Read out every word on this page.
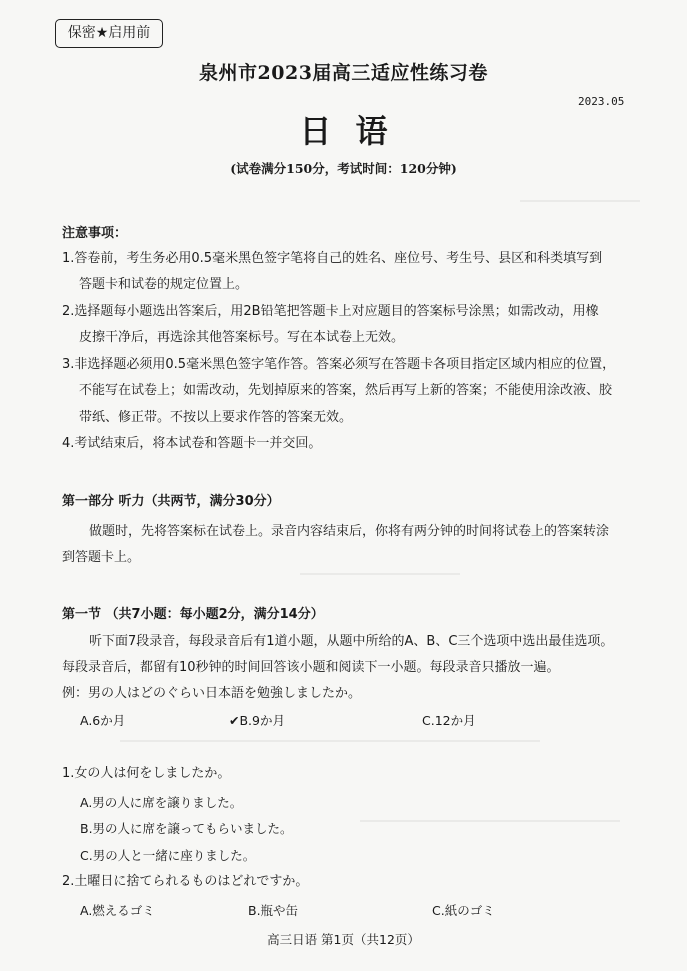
保密★启用前
泉州市2023届高三适应性练习卷
2023.05
日语
(试卷满分150分，考试时间：120分钟)
注意事项：
1.答卷前，考生务必用0.5毫米黑色签字笔将自己的姓名、座位号、考生号、县区和科类填写到
答题卡和试卷的规定位置上。
2.选择题每小题选出答案后，用2B铅笔把答题卡上对应题目的答案标号涂黑；如需改动，用橡
皮擦干净后，再选涂其他答案标号。写在本试卷上无效。
3.非选择题必须用0.5毫米黑色签字笔作答。答案必须写在答题卡各项目指定区域内相应的位置，
不能写在试卷上；如需改动，先划掉原来的答案，然后再写上新的答案；不能使用涂改液、胶
带纸、修正带。不按以上要求作答的答案无效。
4.考试结束后，将本试卷和答题卡一并交回。
第一部分 听力（共两节，满分30分）
做题时，先将答案标在试卷上。录音内容结束后，你将有两分钟的时间将试卷上的答案转涂
到答题卡上。
第一节 （共7小题：每小题2分，满分14分）
听下面7段录音，每段录音后有1道小题，从题中所给的A、B、C三个选项中选出最佳选项。
每段录音后，都留有10秒钟的时间回答该小题和阅读下一小题。每段录音只播放一遍。
例：男の人はどのぐらい日本語を勉強しましたか。
A.6か月	✔B.9か月	C.12か月
1.女の人は何をしましたか。
A.男の人に席を譲りました。
B.男の人に席を譲ってもらいました。
C.男の人と一緒に座りました。
2.土曜日に捨てられるものはどれですか。
A.燃えるゴミ	B.瓶や缶	C.紙のゴミ
高三日语 第1页（共12页）
